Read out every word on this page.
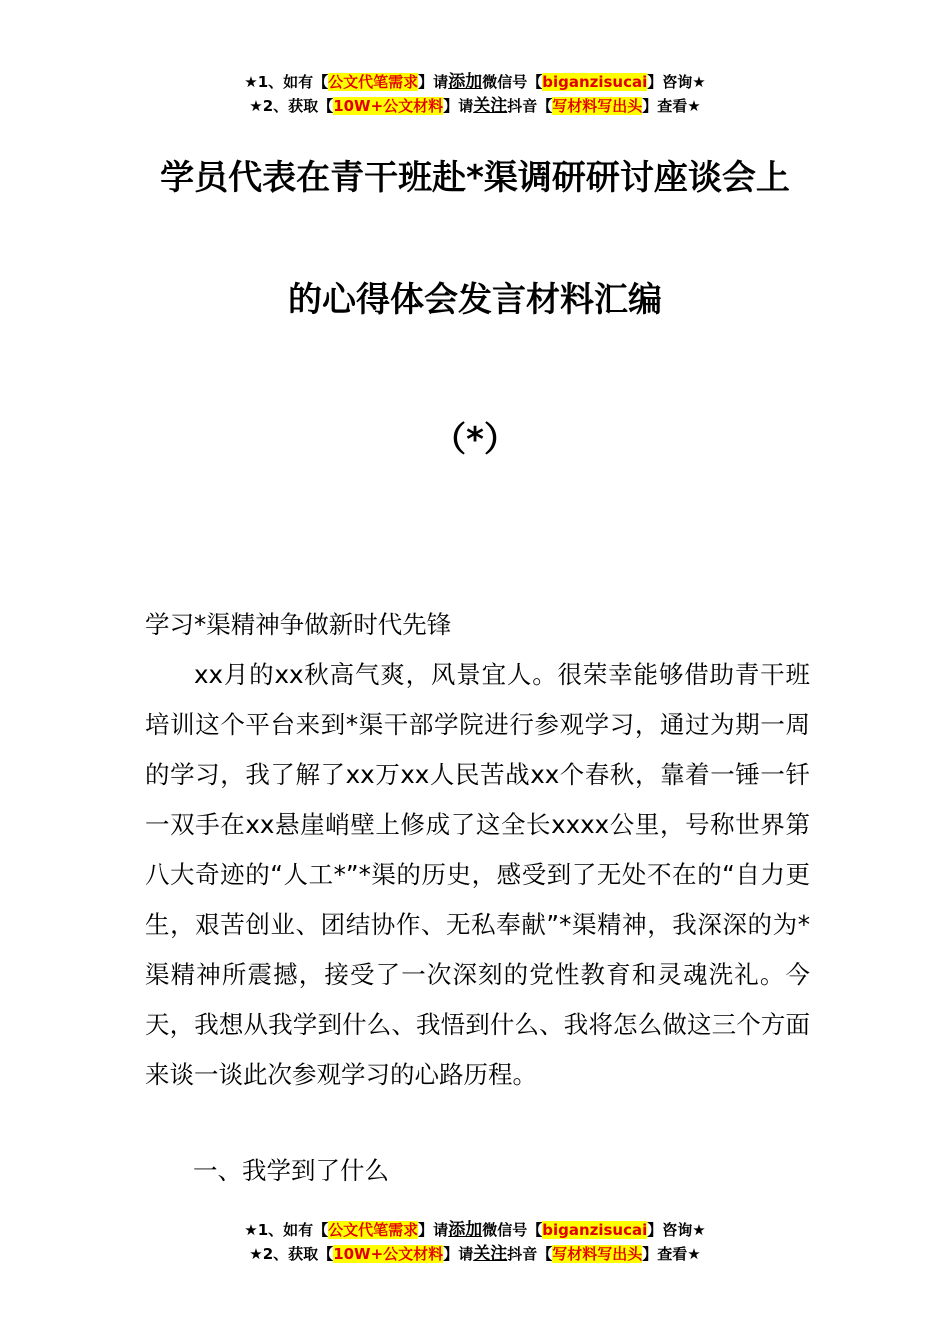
★1、如有【公文代笔需求】请添加微信号【biganzisucai】咨询★
★2、获取【10W+公文材料】请关注抖音【写材料写出头】查看★
学员代表在青干班赴*渠调研研讨座谈会上
的心得体会发言材料汇编
（*）

学习*渠精神争做新时代先锋

xx月的xx秋高气爽，风景宜人。很荣幸能够借助青干班培训这个平台来到*渠干部学院进行参观学习，通过为期一周的学习，我了解了xx万xx人民苦战xx个春秋，靠着一锤一钎一双手在xx悬崖峭壁上修成了这全长xxxx公里，号称世界第八大奇迹的“人工*”*渠的历史，感受到了无处不在的“自力更生，艰苦创业、团结协作、无私奉献”*渠精神，我深深的为*渠精神所震撼，接受了一次深刻的党性教育和灵魂洗礼。今天，我想从我学到什么、我悟到什么、我将怎么做这三个方面来谈一谈此次参观学习的心路历程。

一、我学到了什么
★1、如有【公文代笔需求】请添加微信号【biganzisucai】咨询★
★2、获取【10W+公文材料】请关注抖音【写材料写出头】查看★
